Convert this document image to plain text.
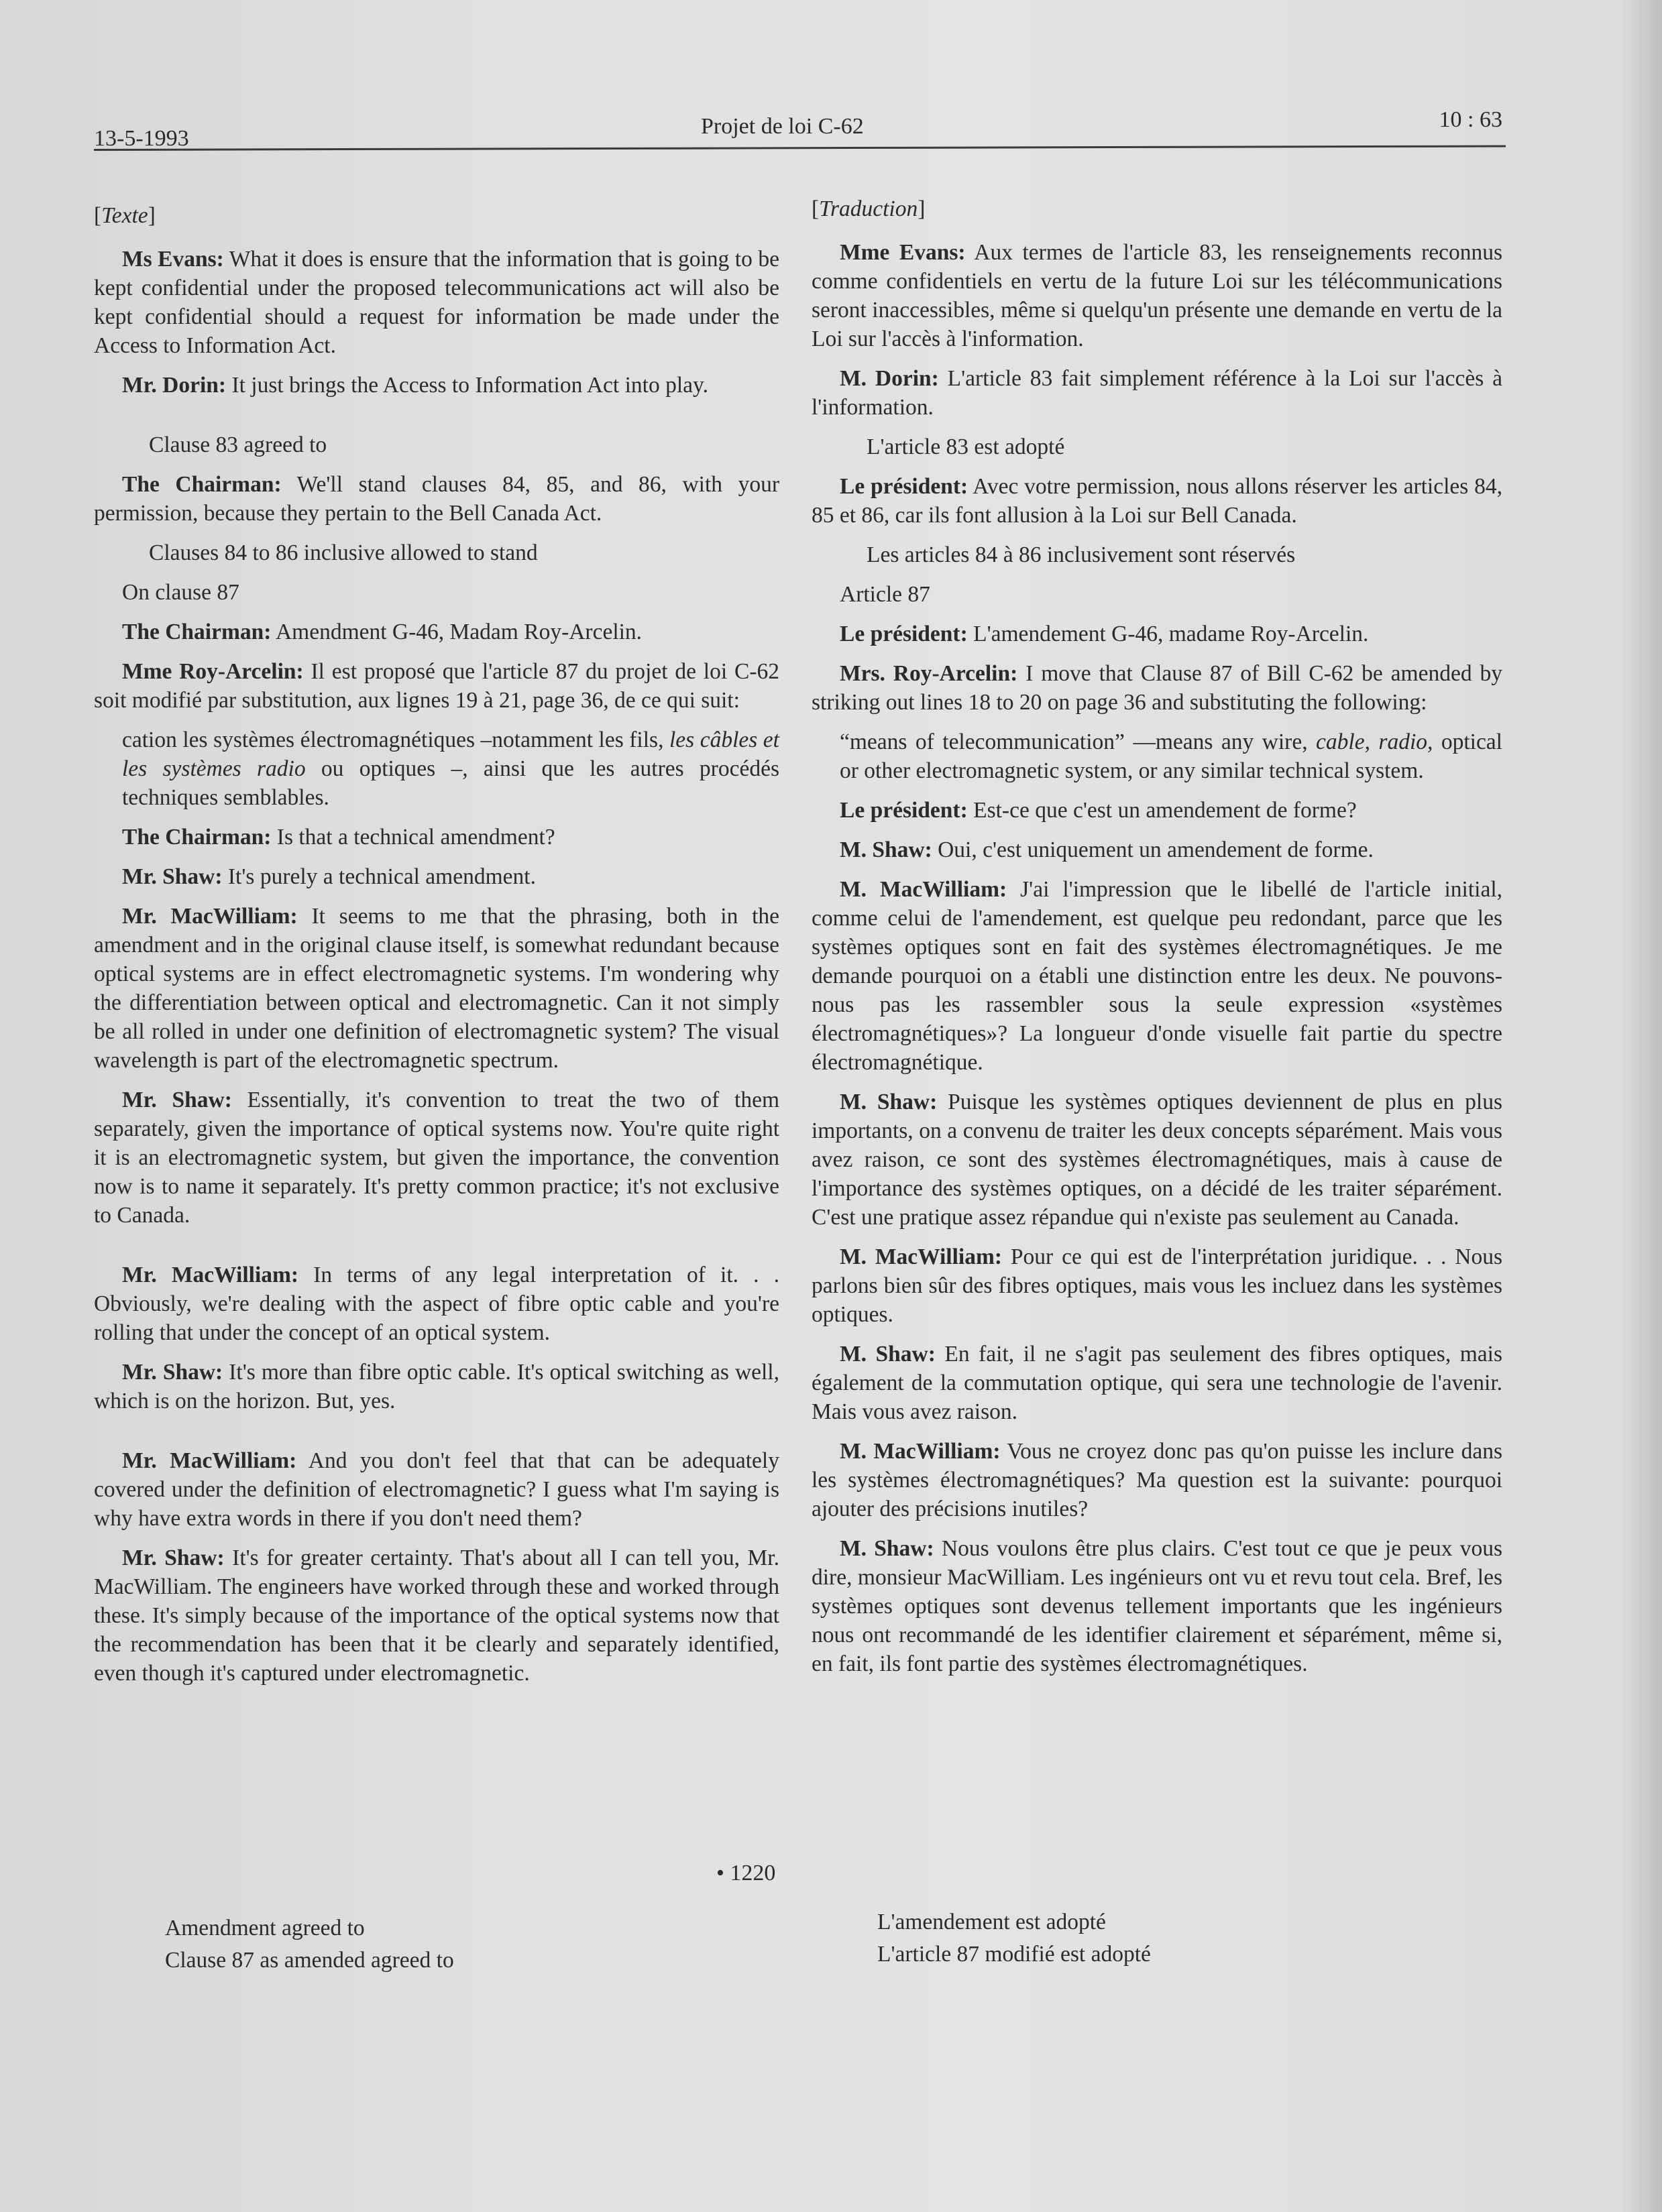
13-5-1993	Projet de loi C-62	10 : 63

[Texte]

Ms Evans: What it does is ensure that the information that is going to be kept confidential under the proposed telecommunications act will also be kept confidential should a request for information be made under the Access to Information Act.

Mr. Dorin: It just brings the Access to Information Act into play.

Clause 83 agreed to

The Chairman: We'll stand clauses 84, 85, and 86, with your permission, because they pertain to the Bell Canada Act.

Clauses 84 to 86 inclusive allowed to stand

On clause 87

The Chairman: Amendment G-46, Madam Roy-Arcelin.

Mme Roy-Arcelin: Il est proposé que l'article 87 du projet de loi C-62 soit modifié par substitution, aux lignes 19 à 21, page 36, de ce qui suit:

cation les systèmes électromagnétiques –notamment les fils, les câbles et les systèmes radio ou optiques –, ainsi que les autres procédés techniques semblables.

The Chairman: Is that a technical amendment?

Mr. Shaw: It's purely a technical amendment.

Mr. MacWilliam: It seems to me that the phrasing, both in the amendment and in the original clause itself, is somewhat redundant because optical systems are in effect electromagnetic systems. I'm wondering why the differentiation between optical and electromagnetic. Can it not simply be all rolled in under one definition of electromagnetic system? The visual wavelength is part of the electromagnetic spectrum.

Mr. Shaw: Essentially, it's convention to treat the two of them separately, given the importance of optical systems now. You're quite right it is an electromagnetic system, but given the importance, the convention now is to name it separately. It's pretty common practice; it's not exclusive to Canada.

Mr. MacWilliam: In terms of any legal interpretation of it. . . Obviously, we're dealing with the aspect of fibre optic cable and you're rolling that under the concept of an optical system.

Mr. Shaw: It's more than fibre optic cable. It's optical switching as well, which is on the horizon. But, yes.

Mr. MacWilliam: And you don't feel that that can be adequately covered under the definition of electromagnetic? I guess what I'm saying is why have extra words in there if you don't need them?

Mr. Shaw: It's for greater certainty. That's about all I can tell you, Mr. MacWilliam. The engineers have worked through these and worked through these. It's simply because of the importance of the optical systems now that the recommendation has been that it be clearly and separately identified, even though it's captured under electromagnetic.

[Traduction]

Mme Evans: Aux termes de l'article 83, les renseignements reconnus comme confidentiels en vertu de la future Loi sur les télécommunications seront inaccessibles, même si quelqu'un présente une demande en vertu de la Loi sur l'accès à l'information.

M. Dorin: L'article 83 fait simplement référence à la Loi sur l'accès à l'information.

L'article 83 est adopté

Le président: Avec votre permission, nous allons réserver les articles 84, 85 et 86, car ils font allusion à la Loi sur Bell Canada.

Les articles 84 à 86 inclusivement sont réservés

Article 87

Le président: L'amendement G-46, madame Roy-Arcelin.

Mrs. Roy-Arcelin: I move that Clause 87 of Bill C-62 be amended by striking out lines 18 to 20 on page 36 and substituting the following:

“means of telecommunication” —means any wire, cable, radio, optical or other electromagnetic system, or any similar technical system.

Le président: Est-ce que c'est un amendement de forme?

M. Shaw: Oui, c'est uniquement un amendement de forme.

M. MacWilliam: J'ai l'impression que le libellé de l'article initial, comme celui de l'amendement, est quelque peu redondant, parce que les systèmes optiques sont en fait des systèmes électromagnétiques. Je me demande pourquoi on a établi une distinction entre les deux. Ne pouvons-nous pas les rassembler sous la seule expression «systèmes électromagnétiques»? La longueur d'onde visuelle fait partie du spectre électromagnétique.

M. Shaw: Puisque les systèmes optiques deviennent de plus en plus importants, on a convenu de traiter les deux concepts séparément. Mais vous avez raison, ce sont des systèmes électromagnétiques, mais à cause de l'importance des systèmes optiques, on a décidé de les traiter séparément. C'est une pratique assez répandue qui n'existe pas seulement au Canada.

M. MacWilliam: Pour ce qui est de l'interprétation juridique. . . Nous parlons bien sûr des fibres optiques, mais vous les incluez dans les systèmes optiques.

M. Shaw: En fait, il ne s'agit pas seulement des fibres optiques, mais également de la commutation optique, qui sera une technologie de l'avenir. Mais vous avez raison.

M. MacWilliam: Vous ne croyez donc pas qu'on puisse les inclure dans les systèmes électromagnétiques? Ma question est la suivante: pourquoi ajouter des précisions inutiles?

M. Shaw: Nous voulons être plus clairs. C'est tout ce que je peux vous dire, monsieur MacWilliam. Les ingénieurs ont vu et revu tout cela. Bref, les systèmes optiques sont devenus tellement importants que les ingénieurs nous ont recommandé de les identifier clairement et séparément, même si, en fait, ils font partie des systèmes électromagnétiques.

• 1220
Amendment agreed to
Clause 87 as amended agreed to
L'amendement est adopté
L'article 87 modifié est adopté
